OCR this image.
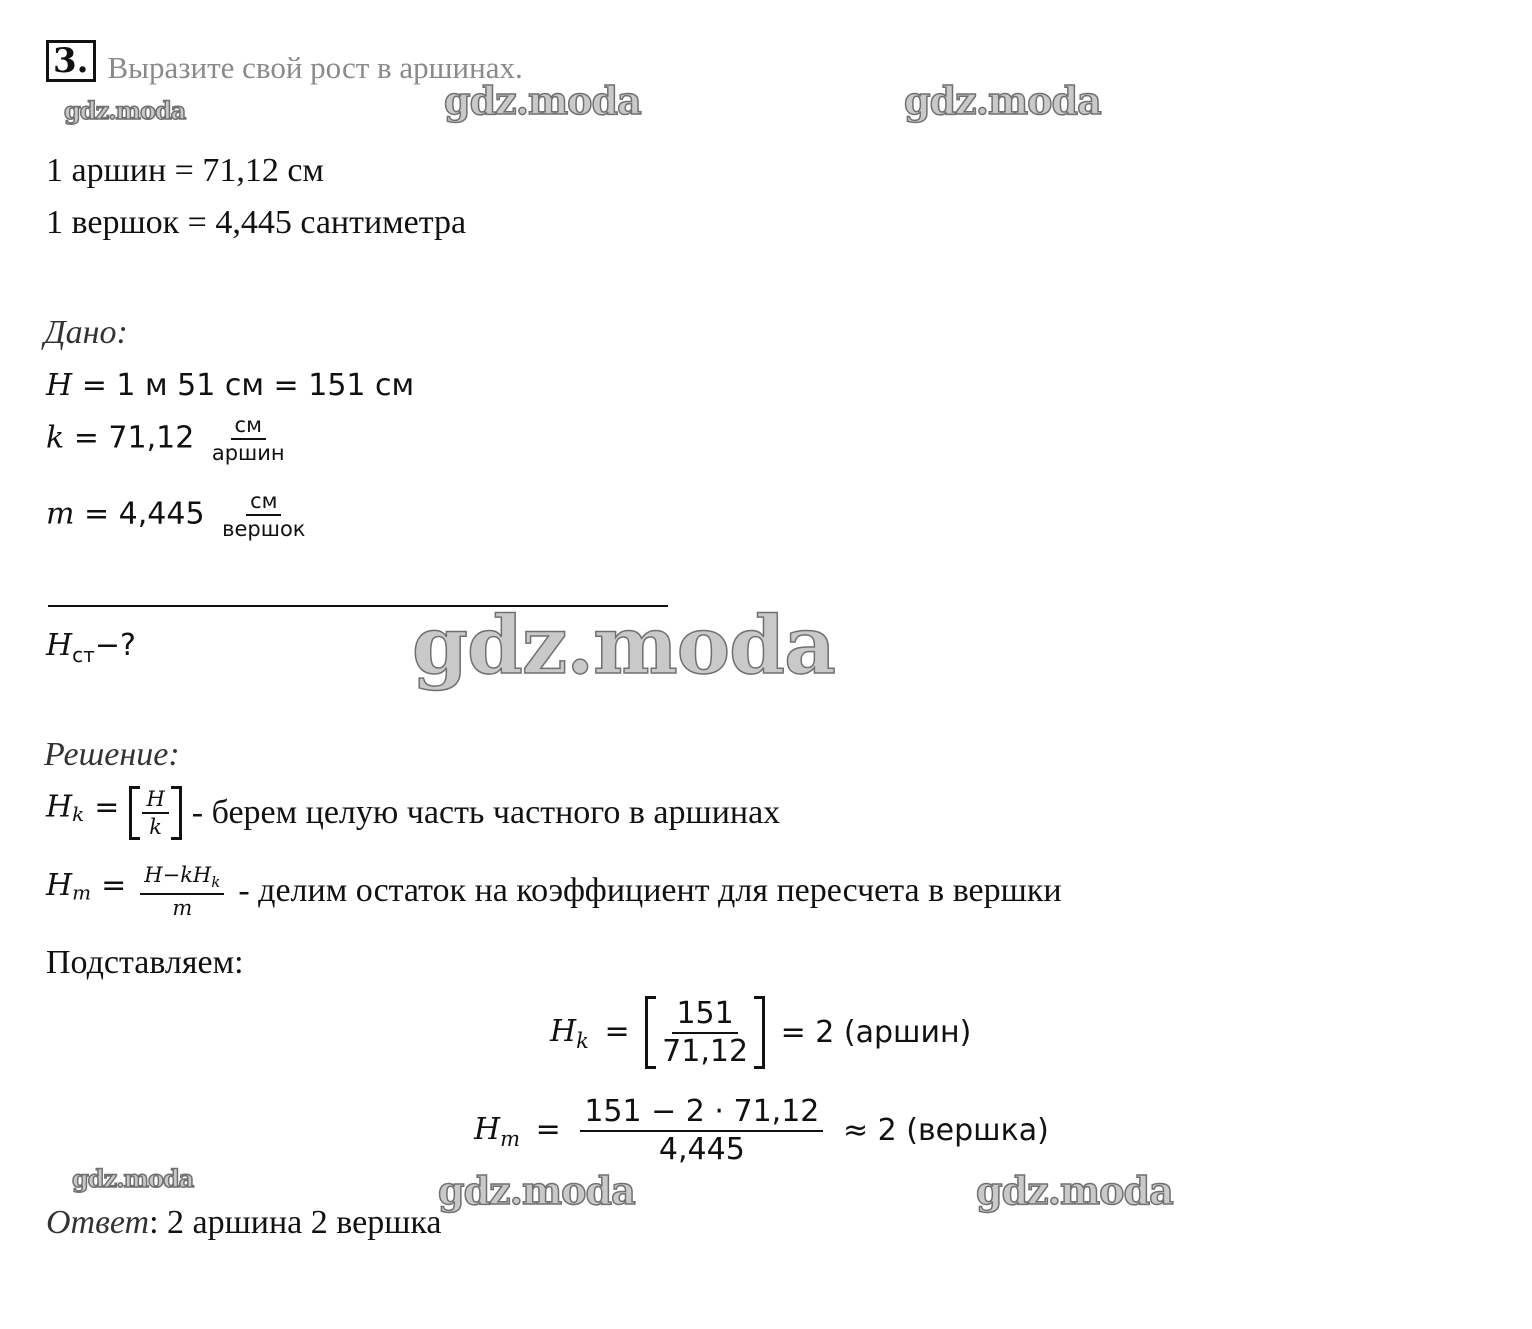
3. Выразите свой рост в аршинах.
gdz.moda	gdz.moda	gdz.moda
gdz.moda
gdz.moda	gdz.moda	gdz.moda
1 аршин = 71,12 см
1 вершок = 4,445 сантиметра
Дано:
H = 1 м 51 см = 151 см
$k = 71,12 \frac{см}{\text{аршин}}$
$m = 4,445 \frac{см}{\text{вершок}}$
$H_{ст}-$?
Решение:
$H_k = \frac{H}{k}$ - берем целую часть частного в аршинах
$H_m = \frac{H-kH_k}{m}$ - делим остаток на коэффициент для пересчета в вершки
Подставляем:
$H_k = \frac{151}{71,12} = 2$ (аршин)
$H_m = \frac{151 - 2 \cdot 71,12}{4,445} \approx 2$ (вершка)
Ответ: 2 аршина 2 вершка
